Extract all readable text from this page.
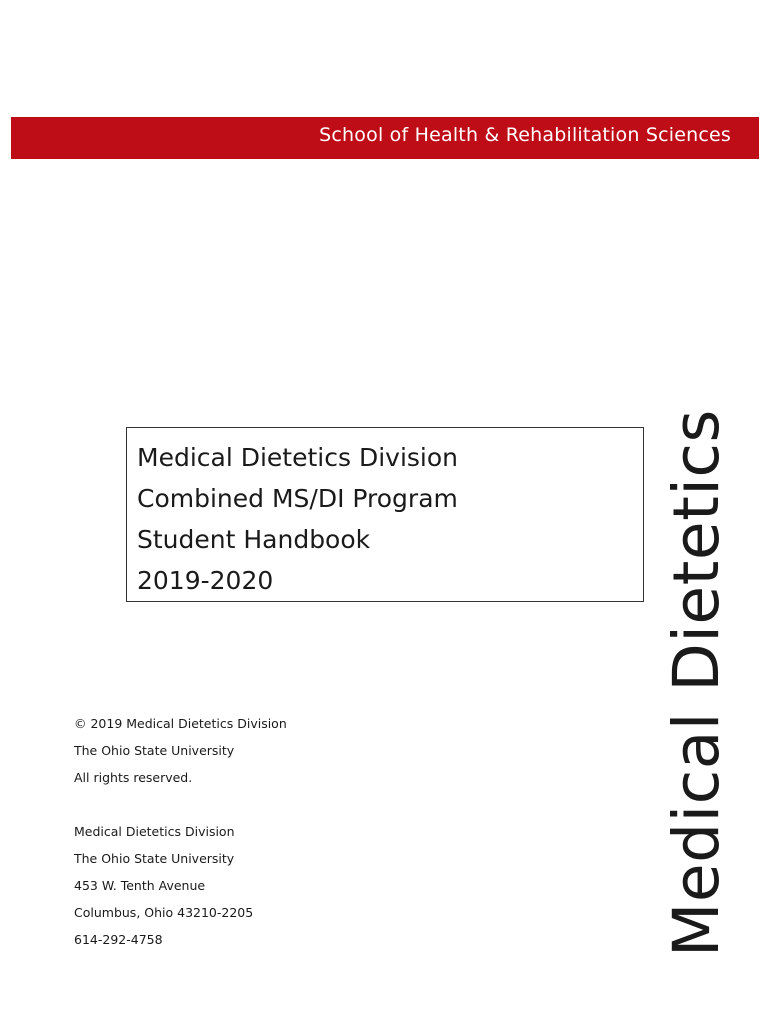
School of Health & Rehabilitation Sciences
Medical Dietetics
Medical Dietetics Division
Combined MS/DI Program
Student Handbook
2019-2020
© 2019 Medical Dietetics Division
The Ohio State University
All rights reserved.
Medical Dietetics Division
The Ohio State University
453 W. Tenth Avenue
Columbus, Ohio 43210-2205
614-292-4758
